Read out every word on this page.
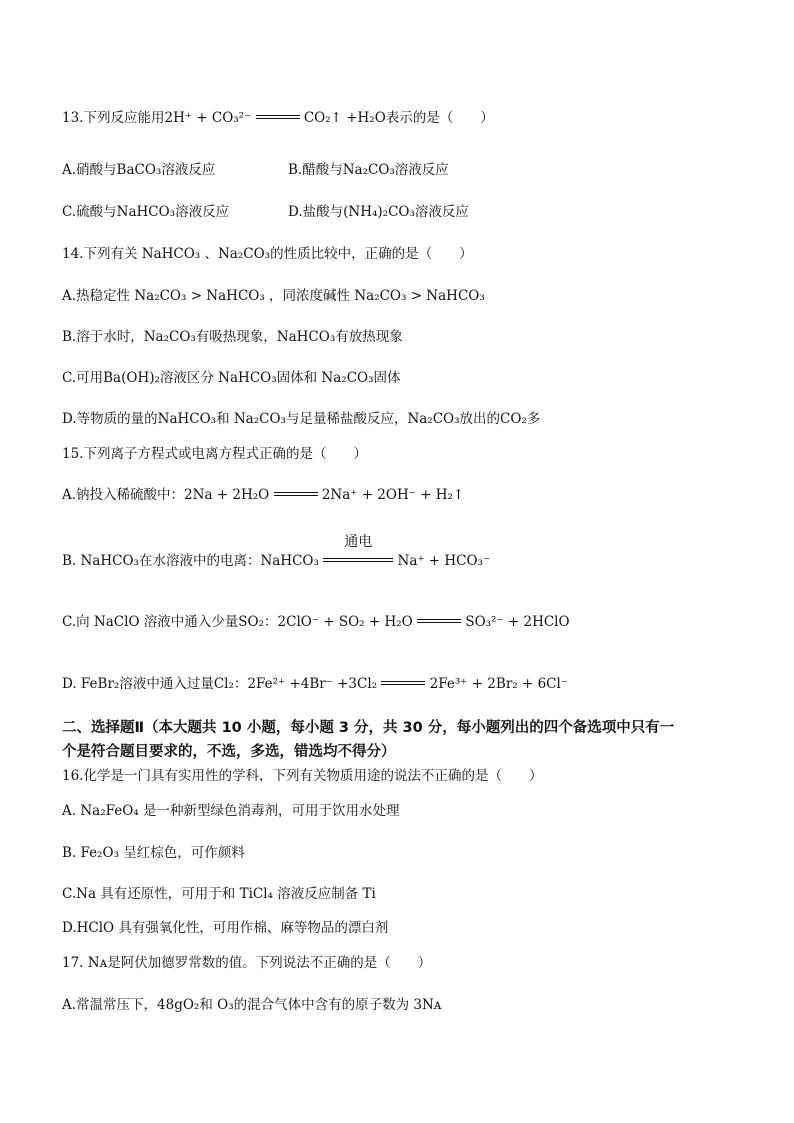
13.下列反应能用2H⁺ + CO₃²⁻	CO₂↑ +H₂O表示的是（　　）
A.硝酸与BaCO₃溶液反应	B.醋酸与Na₂CO₃溶液反应
C.硫酸与NaHCO₃溶液反应	D.盐酸与(NH₄)₂CO₃溶液反应
14.下列有关 NaHCO₃ 、Na₂CO₃的性质比较中，正确的是（　　）
A.热稳定性 Na₂CO₃ > NaHCO₃ ，同浓度碱性 Na₂CO₃ > NaHCO₃
B.溶于水时，Na₂CO₃有吸热现象，NaHCO₃有放热现象
C.可用Ba(OH)₂溶液区分 NaHCO₃固体和 Na₂CO₃固体
D.等物质的量的NaHCO₃和 Na₂CO₃与足量稀盐酸反应，Na₂CO₃放出的CO₂多
15.下列离子方程式或电离方程式正确的是（　　）
A.钠投入稀硫酸中：2Na + 2H₂O	2Na⁺ + 2OH⁻ + H₂↑
B. NaHCO₃在水溶液中的电离：NaHCO₃
通电
Na⁺ + HCO₃⁻
C.向 NaClO 溶液中通入少量SO₂：2ClO⁻ + SO₂ + H₂O	SO₃²⁻ + 2HClO
D. FeBr₂溶液中通入过量Cl₂：2Fe²⁺ +4Br⁻ +3Cl₂	2Fe³⁺ + 2Br₂ + 6Cl⁻
二、选择题Ⅱ（本大题共 10 小题，每小题 3 分，共 30 分，每小题列出的四个备选项中只有一
个是符合题目要求的，不选，多选，错选均不得分）
16.化学是一门具有实用性的学科，下列有关物质用途的说法不正确的是（　　）
A. Na₂FeO₄ 是一种新型绿色消毒剂，可用于饮用水处理
B. Fe₂O₃ 呈红棕色，可作颜料
C.Na 具有还原性，可用于和 TiCl₄ 溶液反应制备 Ti
D.HClO 具有强氧化性，可用作棉、麻等物品的漂白剂
17. Nᴀ是阿伏加德罗常数的值。下列说法不正确的是（　　）
A.常温常压下，48gO₂和 O₃的混合气体中含有的原子数为 3Nᴀ
